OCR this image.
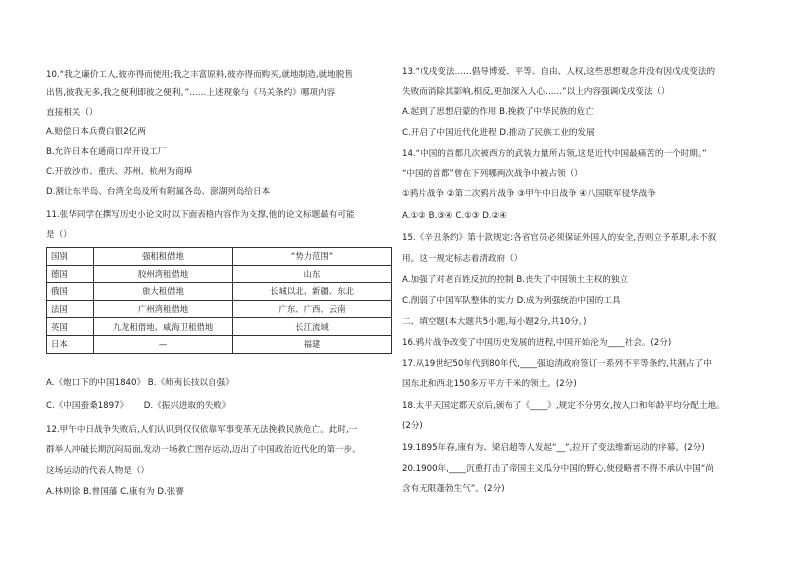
10.“我之廉价工人,彼亦得而使用;我之丰富原料,彼亦得而购买,就地制造,就地脱售
出售,彼我无多,我之便利即彼之便利。”……上述现象与《马关条约》哪项内容
直接相关（）
A.赔偿日本兵费白银2亿两
B.允许日本在通商口岸开设工厂
C.开放沙市、重庆、苏州、杭州为商埠
D.割让东半岛、台湾全岛及所有附属各岛、澎湖列岛给日本
11.张华同学在撰写历史小论文时以下面表格内容作为支撑,他的论文标题最有可能
是（）
国别	强租租借地	“势力范围”
德国	胶州湾租借地	山东
俄国	旅大租借地	长城以北、新疆、东北
法国	广州湾租借地	广东、广西、云南
英国	九龙租借地、威海卫租借地	长江流域
日本	—	福建
A.《炮口下的中国1840》 B.《师夷长技以自强》
C.《中国蚕桑1897》　　 D.《振兴进取的失败》
12.甲午中日战争失败后,人们认识到仅仅依靠军事变革无法挽救民族危亡。此时,一
群举人冲破长期沉闷局面,发动一场救亡图存运动,迈出了中国政治近代化的第一步。
这场运动的代表人物是（）
A.林则徐 B.曾国藩 C.康有为 D.张謇
13.“戊戌变法……倡导博爱、平等、自由、人权,这些思想观念并没有因戊戌变法的
失败而消除其影响,相反,更加深入人心……”以上内容强调戊戌变法（）
A.起到了思想启蒙的作用 B.挽救了中华民族的危亡
C.开启了中国近代化进程 D.推动了民族工业的发展
14.“中国的首都几次被西方的武装力量所占领,这是近代中国最痛苦的一个时期。”
“中国的首都”曾在下列哪两次战争中被占领（）
①鸦片战争 ②第二次鸦片战争 ③甲午中日战争 ④八国联军侵华战争
A.①② B.③④ C.①③ D.②④
15.《辛丑条约》第十款规定:各省官员必须保证外国人的安全,否则立予革职,永不叙
用。这一规定标志着清政府（）
A.加强了对老百姓反抗的控制 B.丧失了中国领土主权的独立
C.削弱了中国军队整体的实力 D.成为列强统治中国的工具
二、填空题(本大题共5小题,每小题2分,共10分。)
16.鸦片战争改变了中国历史发展的进程,中国开始沦为____社会。(2分)
17.从19世纪50年代到80年代,____强迫清政府签订一系列不平等条约,共割占了中
国东北和西北150多万平方千米的领土。(2分)
18.太平天国定都天京后,颁布了《____》,规定不分男女,按人口和年龄平均分配土地。
(2分)
19.1895年春,康有为、梁启超等人发起“__”,拉开了变法维新运动的序幕。(2分)
20.1900年,____沉重打击了帝国主义瓜分中国的野心,使侵略者不得不承认中国“尚
含有无限蓬勃生气”。(2分)
